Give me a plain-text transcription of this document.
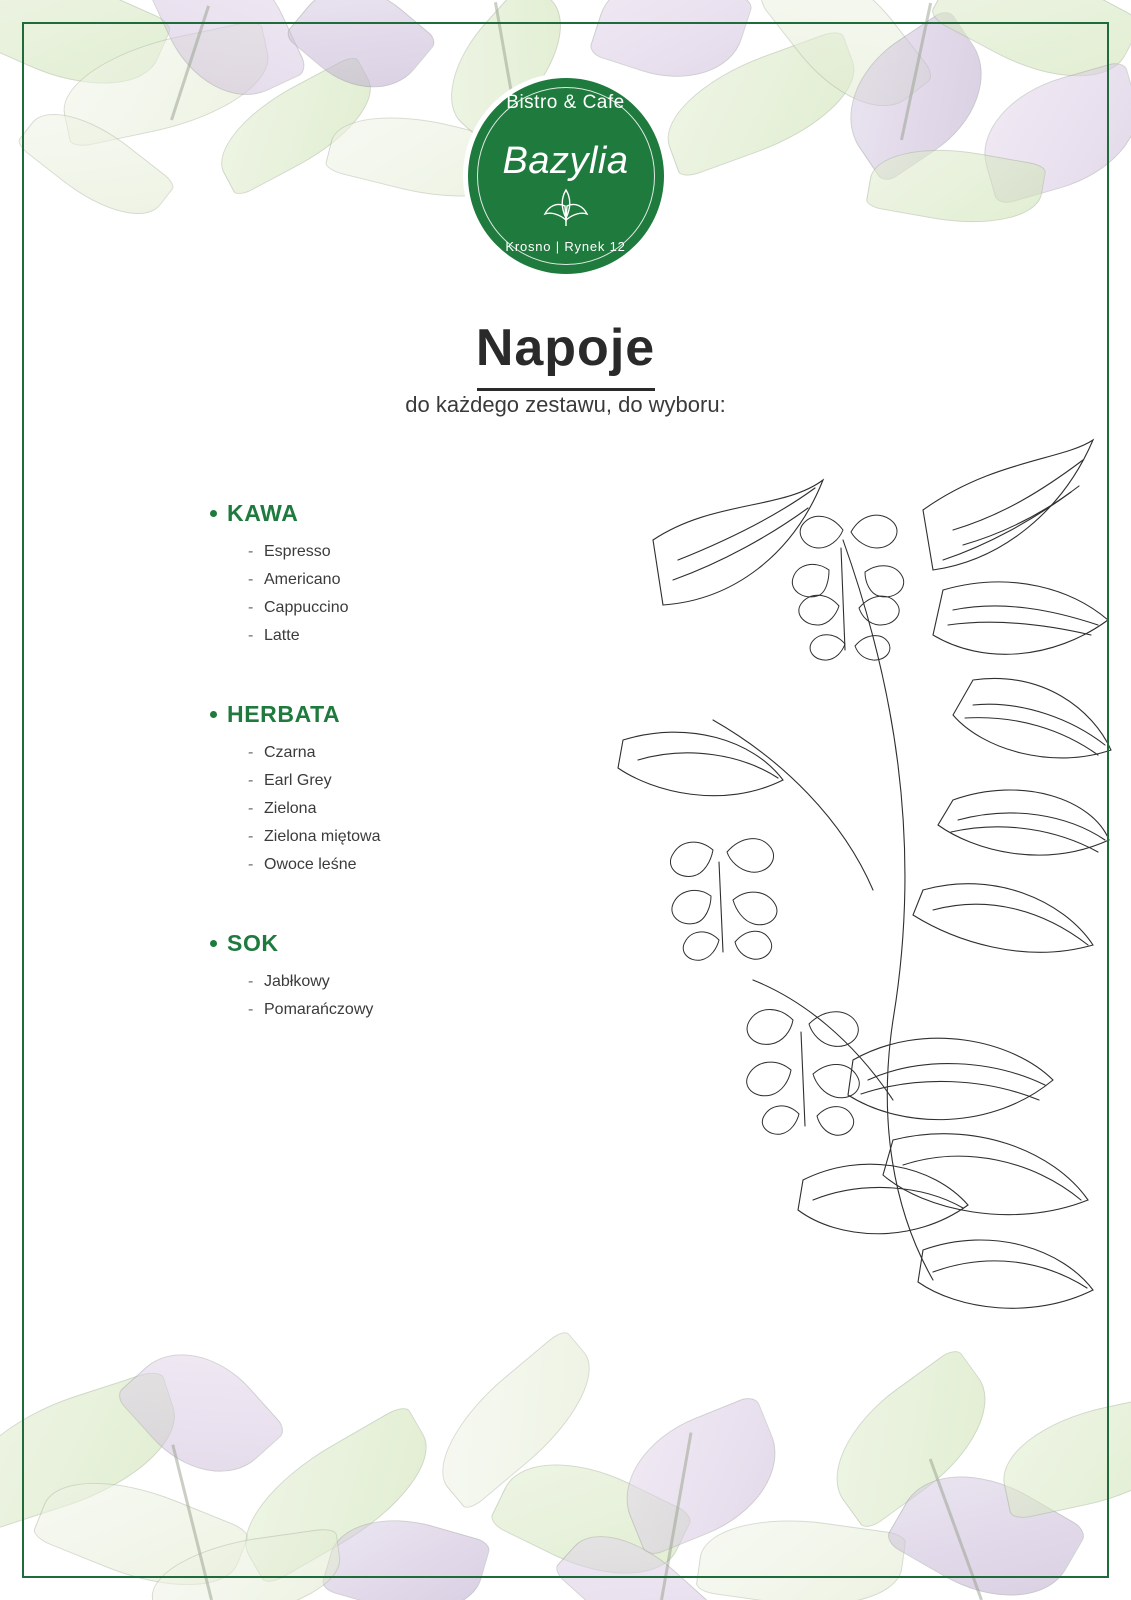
Bistro & Cafe
Bazylia
Krosno | Rynek 12
Napoje
do każdego zestawu, do wyboru:
KAWA
- Espresso
- Americano
- Cappuccino
- Latte
HERBATA
- Czarna
- Earl Grey
- Zielona
- Zielona miętowa
- Owoce leśne
SOK
- Jabłkowy
- Pomarańczowy
